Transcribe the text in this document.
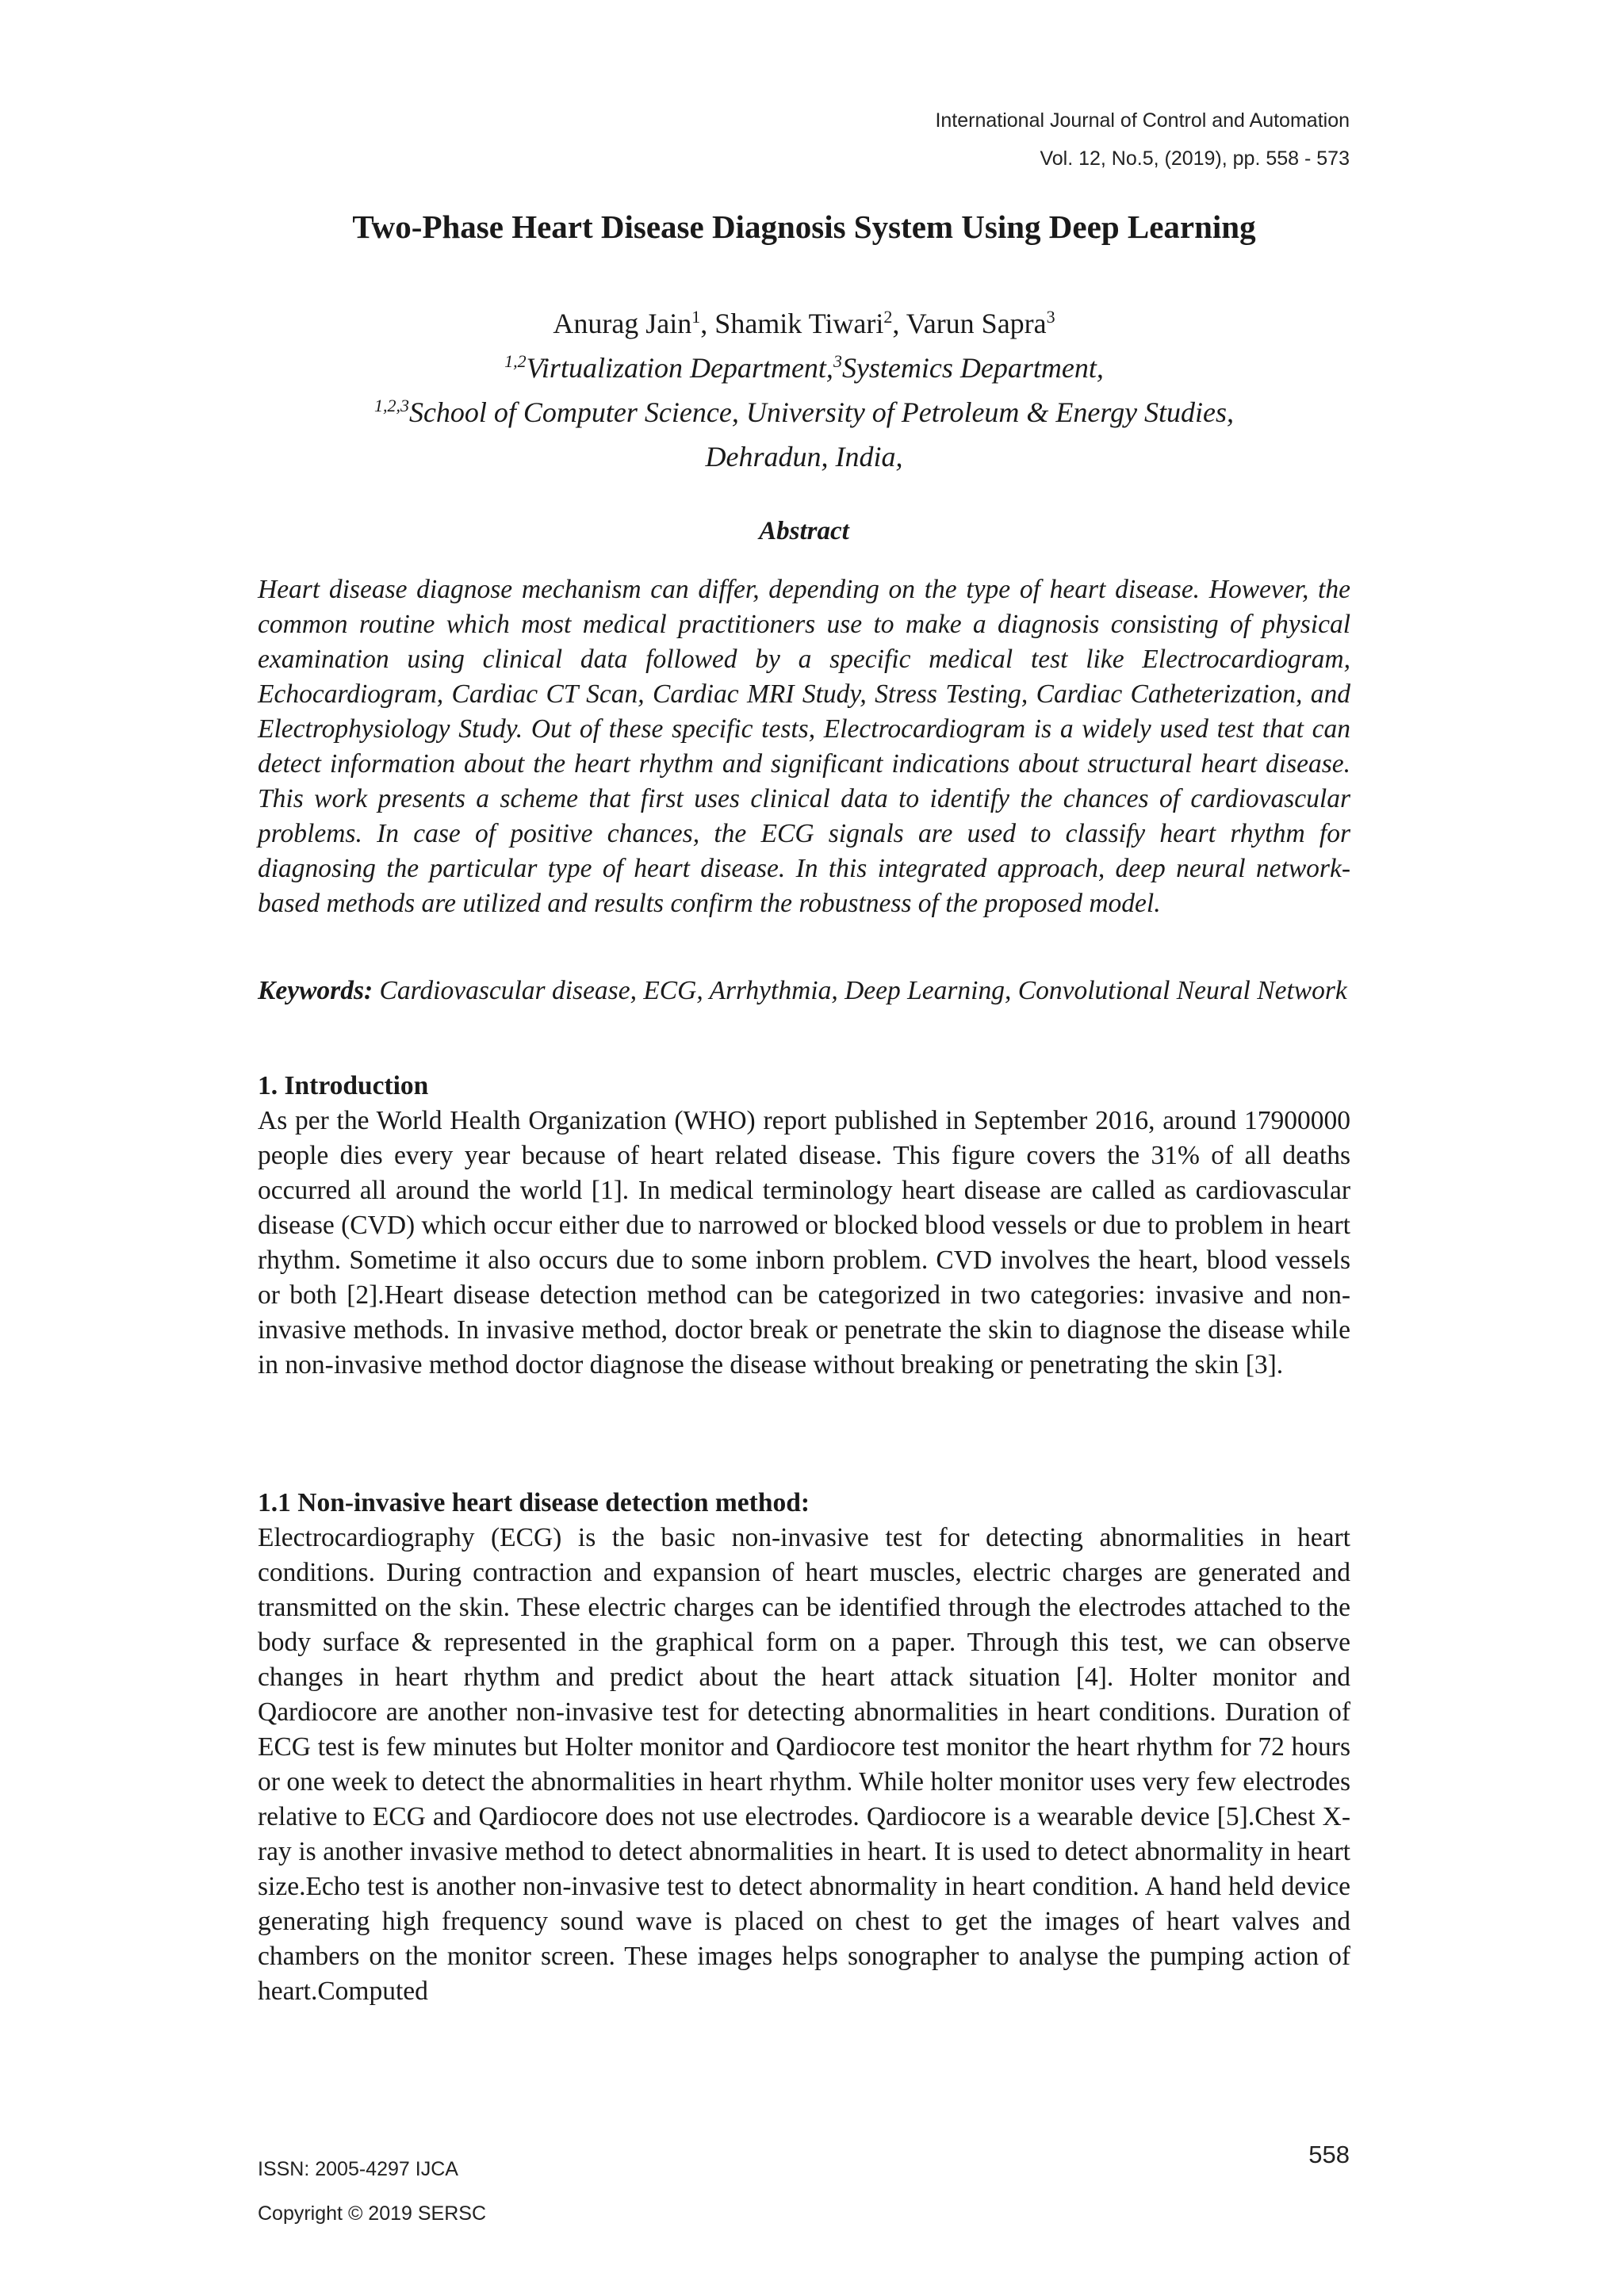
International Journal of Control and Automation
Vol. 12, No.5, (2019), pp. 558 - 573
Two-Phase Heart Disease Diagnosis System Using Deep Learning
Anurag Jain$^1$, Shamik Tiwari$^2$, Varun Sapra$^3$
$^{1,2}$Virtualization Department,$^3$Systemics Department,
$^{1,2,3}$School of Computer Science, University of Petroleum & Energy Studies,
Dehradun, India,
Abstract
Heart disease diagnose mechanism can differ, depending on the type of heart disease. However, the common routine which most medical practitioners use to make a diagnosis consisting of physical examination using clinical data followed by a specific medical test like Electrocardiogram, Echocardiogram, Cardiac CT Scan, Cardiac MRI Study, Stress Testing, Cardiac Catheterization, and Electrophysiology Study. Out of these specific tests, Electrocardiogram is a widely used test that can detect information about the heart rhythm and significant indications about structural heart disease. This work presents a scheme that first uses clinical data to identify the chances of cardiovascular problems. In case of positive chances, the ECG signals are used to classify heart rhythm for diagnosing the particular type of heart disease. In this integrated approach, deep neural network-based methods are utilized and results confirm the robustness of the proposed model.
Keywords: Cardiovascular disease, ECG, Arrhythmia, Deep Learning, Convolutional Neural Network
1. Introduction
As per the World Health Organization (WHO) report published in September 2016, around 17900000 people dies every year because of heart related disease. This figure covers the 31% of all deaths occurred all around the world [1]. In medical terminology heart disease are called as cardiovascular disease (CVD) which occur either due to narrowed or blocked blood vessels or due to problem in heart rhythm. Sometime it also occurs due to some inborn problem. CVD involves the heart, blood vessels or both [2].Heart disease detection method can be categorized in two categories: invasive and non-invasive methods. In invasive method, doctor break or penetrate the skin to diagnose the disease while in non-invasive method doctor diagnose the disease without breaking or penetrating the skin [3].
1.1 Non-invasive heart disease detection method:
Electrocardiography (ECG) is the basic non-invasive test for detecting abnormalities in heart conditions. During contraction and expansion of heart muscles, electric charges are generated and transmitted on the skin. These electric charges can be identified through the electrodes attached to the body surface & represented in the graphical form on a paper. Through this test, we can observe changes in heart rhythm and predict about the heart attack situation [4]. Holter monitor and Qardiocore are another non-invasive test for detecting abnormalities in heart conditions. Duration of ECG test is few minutes but Holter monitor and Qardiocore test monitor the heart rhythm for 72 hours or one week to detect the abnormalities in heart rhythm. While holter monitor uses very few electrodes relative to ECG and Qardiocore does not use electrodes. Qardiocore is a wearable device [5].Chest X-ray is another invasive method to detect abnormalities in heart. It is used to detect abnormality in heart size.Echo test is another non-invasive test to detect abnormality in heart condition. A hand held device generating high frequency sound wave is placed on chest to get the images of heart valves and chambers on the monitor screen. These images helps sonographer to analyse the pumping action of heart.Computed
ISSN: 2005-4297 IJCA
Copyright © 2019 SERSC
558
